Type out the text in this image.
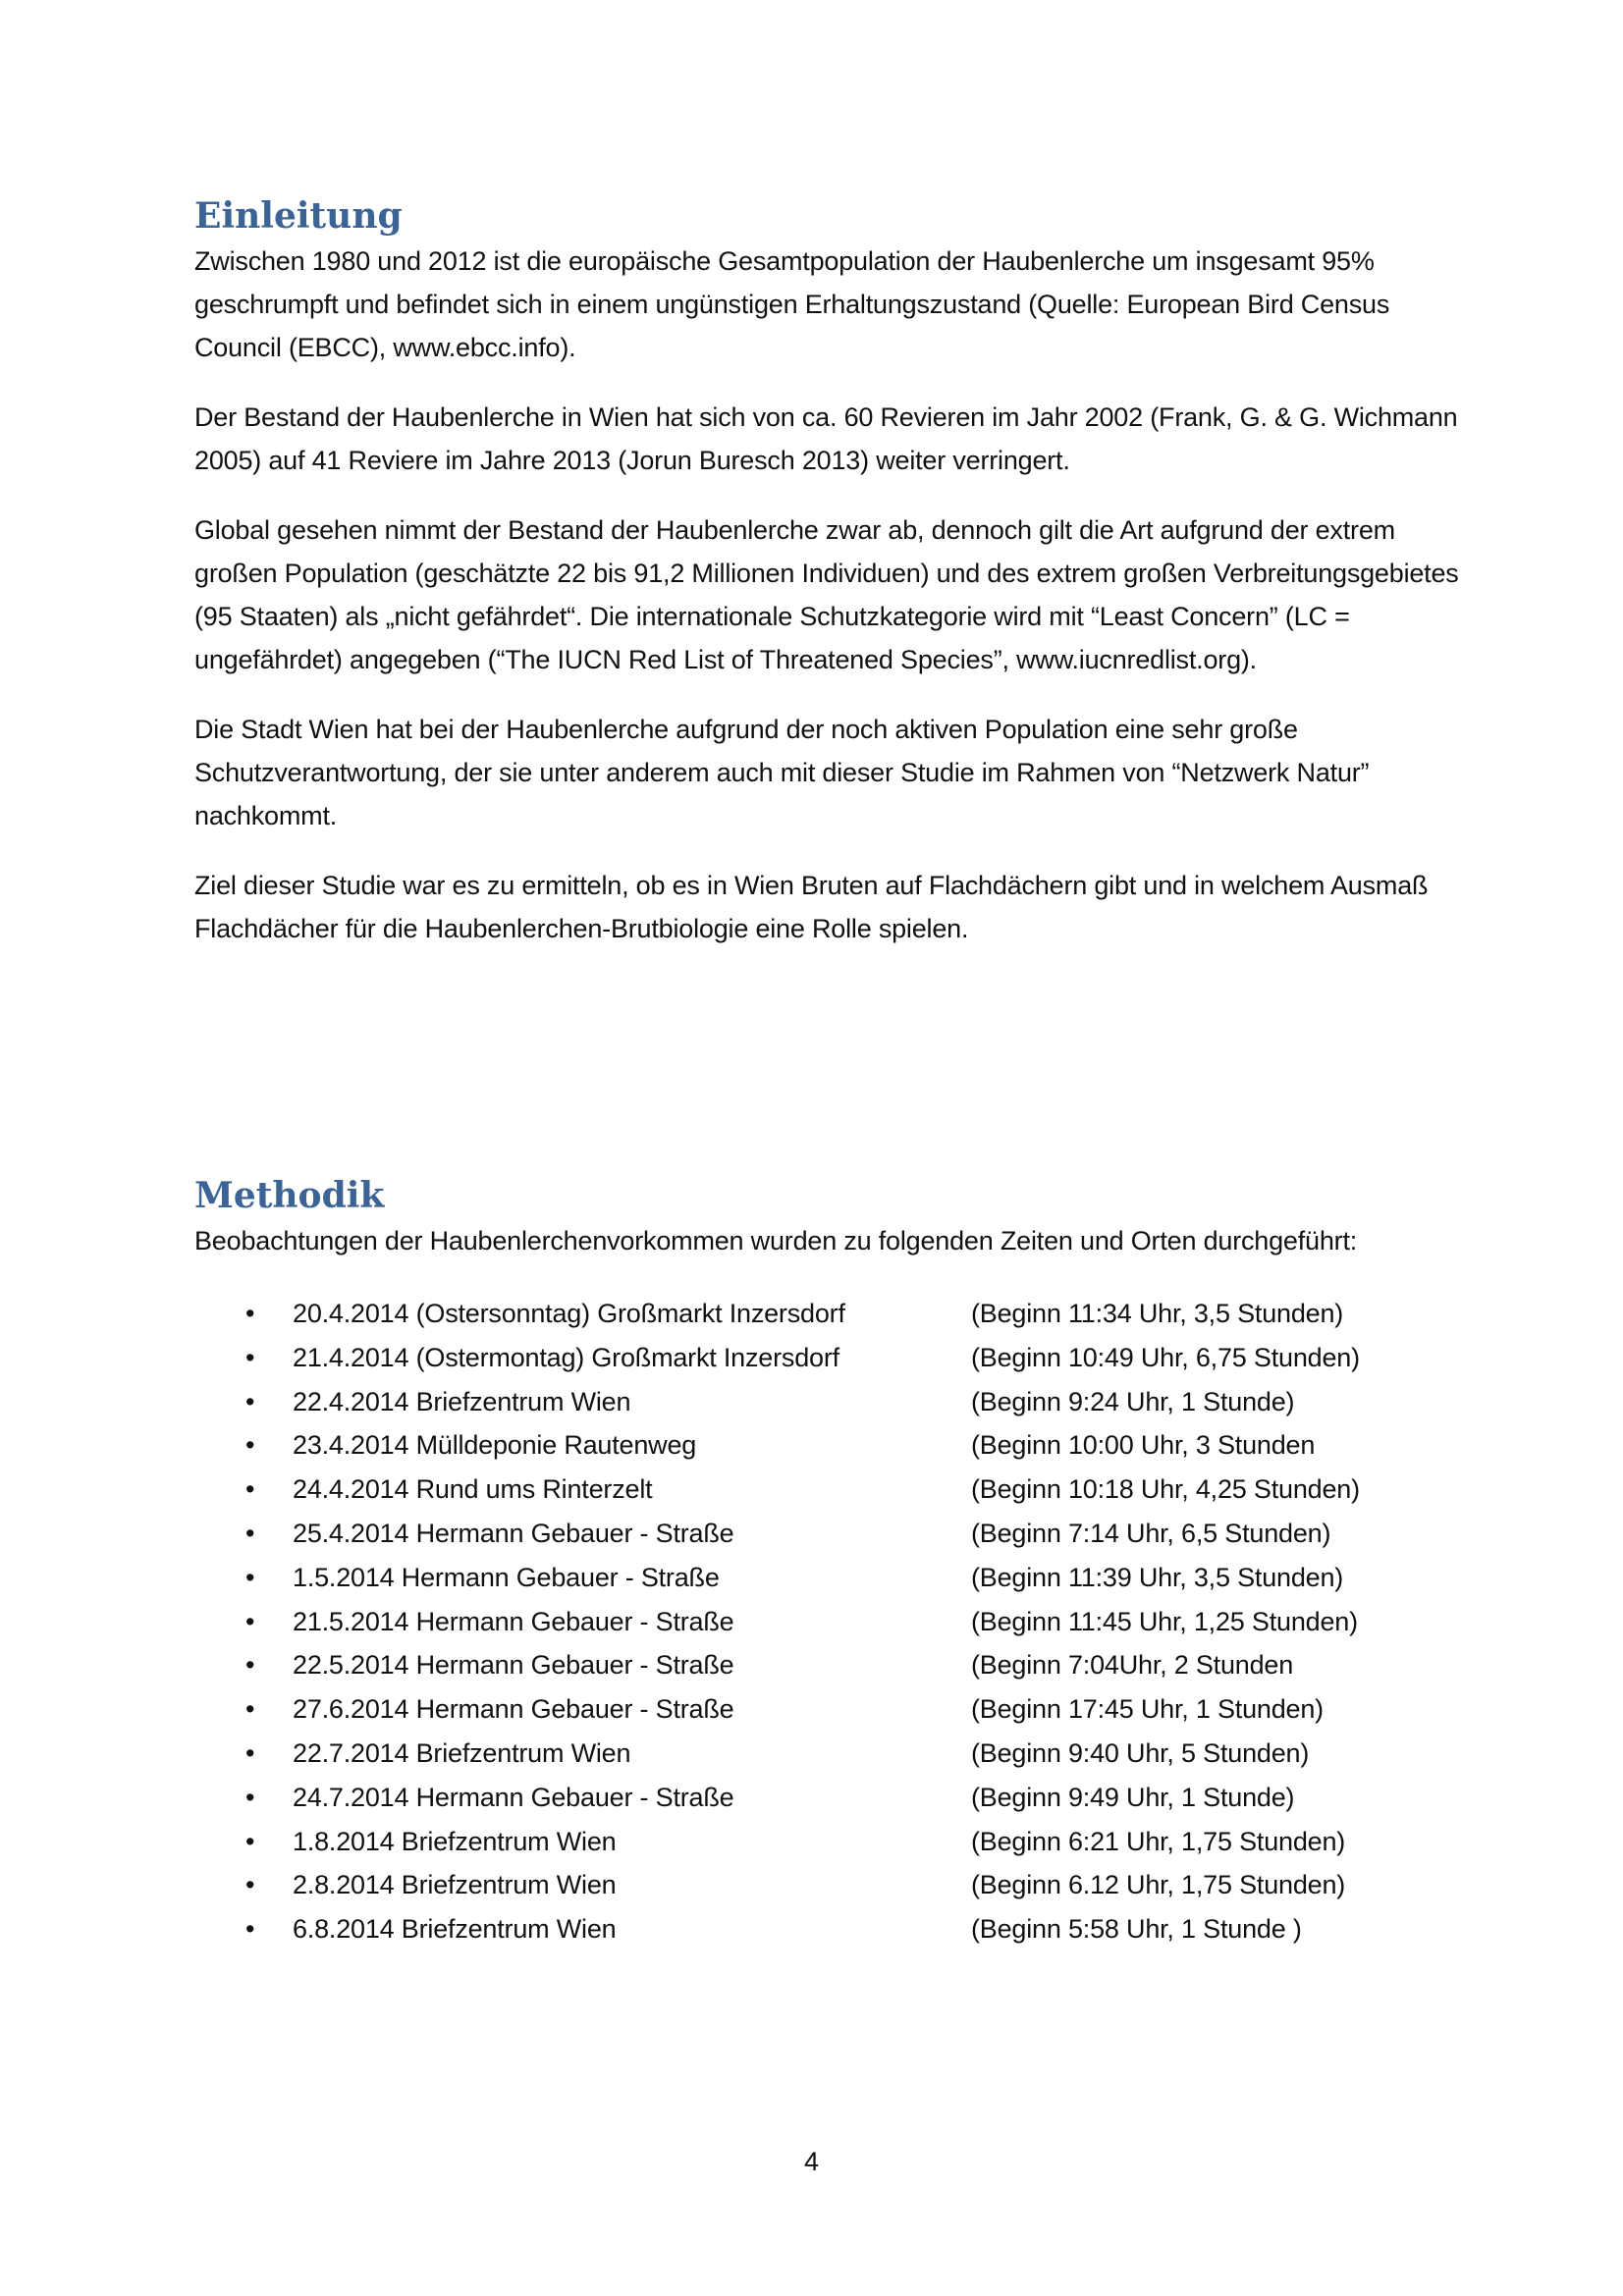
Einleitung

Zwischen 1980 und 2012 ist die europäische Gesamtpopulation der Haubenlerche um insgesamt 95% geschrumpft und befindet sich in einem ungünstigen Erhaltungszustand (Quelle: European Bird Census Council (EBCC), www.ebcc.info).

Der Bestand der Haubenlerche in Wien hat sich von ca. 60 Revieren im Jahr 2002 (Frank, G. & G. Wichmann 2005) auf 41 Reviere im Jahre 2013 (Jorun Buresch 2013) weiter verringert.

Global gesehen nimmt der Bestand der Haubenlerche zwar ab, dennoch gilt die Art aufgrund der extrem großen Population (geschätzte 22 bis 91,2 Millionen Individuen) und des extrem großen Verbreitungsgebietes (95 Staaten) als „nicht gefährdet“. Die internationale Schutzkategorie wird mit “Least Concern” (LC = ungefährdet) angegeben (“The IUCN Red List of Threatened Species”, www.iucnredlist.org).

Die Stadt Wien hat bei der Haubenlerche aufgrund der noch aktiven Population eine sehr große Schutzverantwortung, der sie unter anderem auch mit dieser Studie im Rahmen von “Netzwerk Natur” nachkommt.

Ziel dieser Studie war es zu ermitteln, ob es in Wien Bruten auf Flachdächern gibt und in welchem Ausmaß Flachdächer für die Haubenlerchen-Brutbiologie eine Rolle spielen.

Methodik

Beobachtungen der Haubenlerchenvorkommen wurden zu folgenden Zeiten und Orten durchgeführt:

• 20.4.2014 (Ostersonntag) Großmarkt Inzersdorf	(Beginn 11:34 Uhr, 3,5 Stunden)
• 21.4.2014 (Ostermontag) Großmarkt Inzersdorf	(Beginn 10:49 Uhr, 6,75 Stunden)
• 22.4.2014 Briefzentrum Wien	(Beginn 9:24 Uhr, 1 Stunde)
• 23.4.2014 Mülldeponie Rautenweg	(Beginn 10:00 Uhr, 3 Stunden
• 24.4.2014 Rund ums Rinterzelt	(Beginn 10:18 Uhr, 4,25 Stunden)
• 25.4.2014 Hermann Gebauer - Straße	(Beginn 7:14 Uhr, 6,5 Stunden)
• 1.5.2014 Hermann Gebauer - Straße	(Beginn 11:39 Uhr, 3,5 Stunden)
• 21.5.2014 Hermann Gebauer - Straße	(Beginn 11:45 Uhr, 1,25 Stunden)
• 22.5.2014 Hermann Gebauer - Straße	(Beginn 7:04Uhr, 2 Stunden
• 27.6.2014 Hermann Gebauer - Straße	(Beginn 17:45 Uhr, 1 Stunden)
• 22.7.2014 Briefzentrum Wien	(Beginn 9:40 Uhr, 5 Stunden)
• 24.7.2014 Hermann Gebauer - Straße	(Beginn 9:49 Uhr, 1 Stunde)
• 1.8.2014 Briefzentrum Wien	(Beginn 6:21 Uhr, 1,75 Stunden)
• 2.8.2014 Briefzentrum Wien	(Beginn 6.12 Uhr, 1,75 Stunden)
• 6.8.2014 Briefzentrum Wien	(Beginn 5:58 Uhr, 1 Stunde )
4
